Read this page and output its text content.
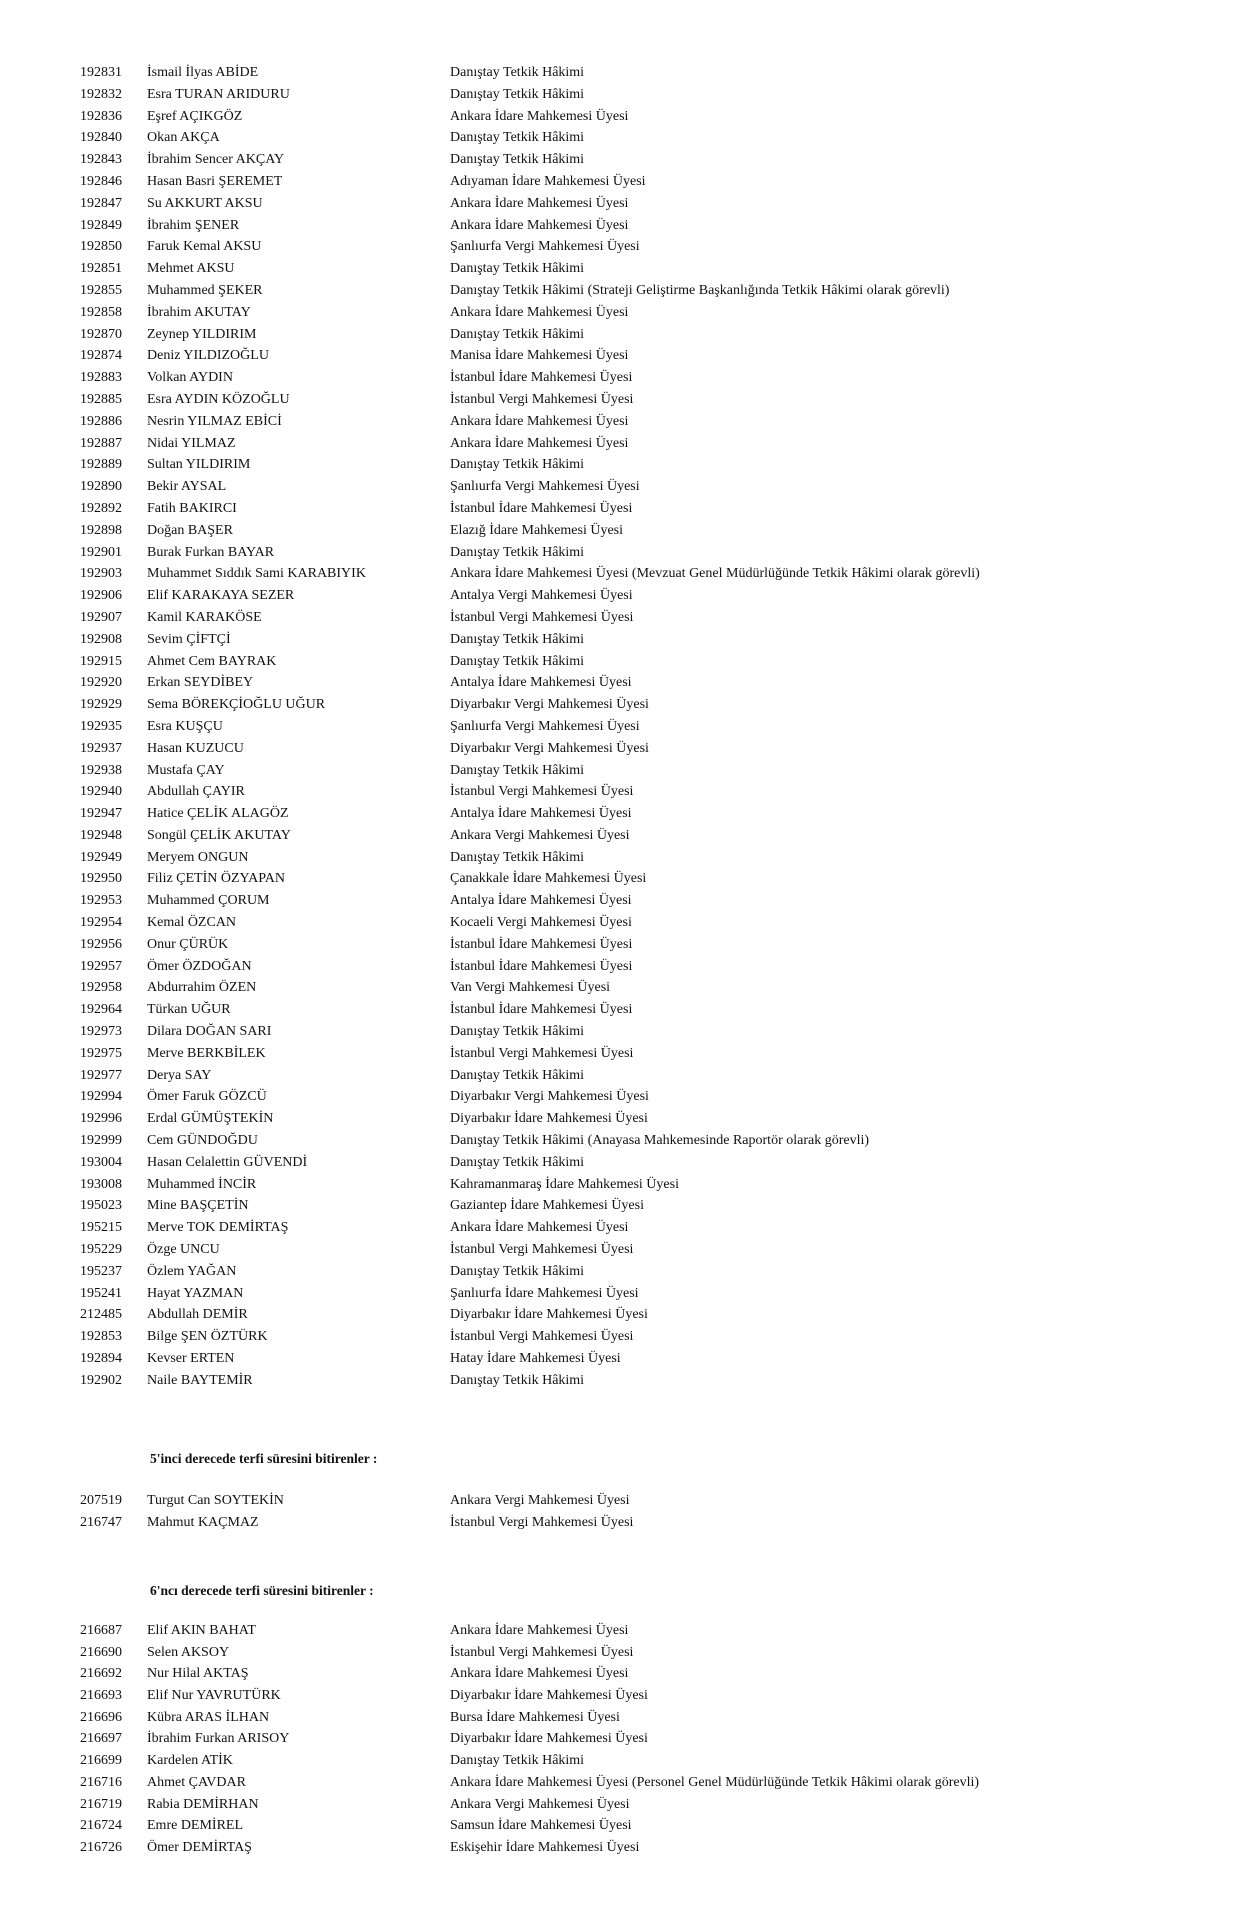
192831	İsmail İlyas ABİDE	Danıştay Tetkik Hâkimi
192832	Esra TURAN ARIDURU	Danıştay Tetkik Hâkimi
192836	Eşref AÇIKGÖZ	Ankara İdare Mahkemesi Üyesi
192840	Okan AKÇA	Danıştay Tetkik Hâkimi
192843	İbrahim Sencer AKÇAY	Danıştay Tetkik Hâkimi
192846	Hasan Basri ŞEREMET	Adıyaman İdare Mahkemesi Üyesi
192847	Su AKKURT AKSU	Ankara İdare Mahkemesi Üyesi
192849	İbrahim ŞENER	Ankara İdare Mahkemesi Üyesi
192850	Faruk Kemal AKSU	Şanlıurfa Vergi Mahkemesi Üyesi
192851	Mehmet AKSU	Danıştay Tetkik Hâkimi
192855	Muhammed ŞEKER	Danıştay Tetkik Hâkimi (Strateji Geliştirme Başkanlığında Tetkik Hâkimi olarak görevli)
192858	İbrahim AKUTAY	Ankara İdare Mahkemesi Üyesi
192870	Zeynep YILDIRIM	Danıştay Tetkik Hâkimi
192874	Deniz YILDIZOĞLU	Manisa İdare Mahkemesi Üyesi
192883	Volkan AYDIN	İstanbul İdare Mahkemesi Üyesi
192885	Esra AYDIN KÖZOĞLU	İstanbul Vergi Mahkemesi Üyesi
192886	Nesrin YILMAZ EBİCİ	Ankara İdare Mahkemesi Üyesi
192887	Nidai YILMAZ	Ankara İdare Mahkemesi Üyesi
192889	Sultan YILDIRIM	Danıştay Tetkik Hâkimi
192890	Bekir AYSAL	Şanlıurfa Vergi Mahkemesi Üyesi
192892	Fatih BAKIRCI	İstanbul İdare Mahkemesi Üyesi
192898	Doğan BAŞER	Elazığ İdare Mahkemesi Üyesi
192901	Burak Furkan BAYAR	Danıştay Tetkik Hâkimi
192903	Muhammet Sıddık Sami KARABIYIK	Ankara İdare Mahkemesi Üyesi (Mevzuat Genel Müdürlüğünde Tetkik Hâkimi olarak görevli)
192906	Elif KARAKAYA SEZER	Antalya Vergi Mahkemesi Üyesi
192907	Kamil KARAKÖSE	İstanbul Vergi Mahkemesi Üyesi
192908	Sevim ÇİFTÇİ	Danıştay Tetkik Hâkimi
192915	Ahmet Cem BAYRAK	Danıştay Tetkik Hâkimi
192920	Erkan SEYDİBEY	Antalya İdare Mahkemesi Üyesi
192929	Sema BÖREKÇİOĞLU UĞUR	Diyarbakır Vergi Mahkemesi Üyesi
192935	Esra KUŞÇU	Şanlıurfa Vergi Mahkemesi Üyesi
192937	Hasan KUZUCU	Diyarbakır Vergi Mahkemesi Üyesi
192938	Mustafa ÇAY	Danıştay Tetkik Hâkimi
192940	Abdullah ÇAYIR	İstanbul Vergi Mahkemesi Üyesi
192947	Hatice ÇELİK ALAGÖZ	Antalya İdare Mahkemesi Üyesi
192948	Songül ÇELİK AKUTAY	Ankara Vergi Mahkemesi Üyesi
192949	Meryem ONGUN	Danıştay Tetkik Hâkimi
192950	Filiz ÇETİN ÖZYAPAN	Çanakkale İdare Mahkemesi Üyesi
192953	Muhammed ÇORUM	Antalya İdare Mahkemesi Üyesi
192954	Kemal ÖZCAN	Kocaeli Vergi Mahkemesi Üyesi
192956	Onur ÇÜRÜK	İstanbul İdare Mahkemesi Üyesi
192957	Ömer ÖZDOĞAN	İstanbul İdare Mahkemesi Üyesi
192958	Abdurrahim ÖZEN	Van Vergi Mahkemesi Üyesi
192964	Türkan UĞUR	İstanbul İdare Mahkemesi Üyesi
192973	Dilara DOĞAN SARI	Danıştay Tetkik Hâkimi
192975	Merve BERKBİLEK	İstanbul Vergi Mahkemesi Üyesi
192977	Derya SAY	Danıştay Tetkik Hâkimi
192994	Ömer Faruk GÖZCÜ	Diyarbakır Vergi Mahkemesi Üyesi
192996	Erdal GÜMÜŞTEKİN	Diyarbakır İdare Mahkemesi Üyesi
192999	Cem GÜNDOĞDU	Danıştay Tetkik Hâkimi (Anayasa Mahkemesinde Raportör olarak görevli)
193004	Hasan Celalettin GÜVENDİ	Danıştay Tetkik Hâkimi
193008	Muhammed İNCİR	Kahramanmaraş İdare Mahkemesi Üyesi
195023	Mine BAŞÇETİN	Gaziantep İdare Mahkemesi Üyesi
195215	Merve TOK DEMİRTAŞ	Ankara İdare Mahkemesi Üyesi
195229	Özge UNCU	İstanbul Vergi Mahkemesi Üyesi
195237	Özlem YAĞAN	Danıştay Tetkik Hâkimi
195241	Hayat YAZMAN	Şanlıurfa İdare Mahkemesi Üyesi
212485	Abdullah DEMİR	Diyarbakır İdare Mahkemesi Üyesi
192853	Bilge ŞEN ÖZTÜRK	İstanbul Vergi Mahkemesi Üyesi
192894	Kevser ERTEN	Hatay İdare Mahkemesi Üyesi
192902	Naile BAYTEMİR	Danıştay Tetkik Hâkimi
5'inci derecede terfi süresini bitirenler :
207519	Turgut Can SOYTEKİN	Ankara Vergi Mahkemesi Üyesi
216747	Mahmut KAÇMAZ	İstanbul Vergi Mahkemesi Üyesi
6'ncı derecede terfi süresini bitirenler :
216687	Elif AKIN BAHAT	Ankara İdare Mahkemesi Üyesi
216690	Selen AKSOY	İstanbul Vergi Mahkemesi Üyesi
216692	Nur Hilal AKTAŞ	Ankara İdare Mahkemesi Üyesi
216693	Elif Nur YAVRUTÜRK	Diyarbakır İdare Mahkemesi Üyesi
216696	Kübra ARAS İLHAN	Bursa İdare Mahkemesi Üyesi
216697	İbrahim Furkan ARISOY	Diyarbakır İdare Mahkemesi Üyesi
216699	Kardelen ATİK	Danıştay Tetkik Hâkimi
216716	Ahmet ÇAVDAR	Ankara İdare Mahkemesi Üyesi (Personel Genel Müdürlüğünde Tetkik Hâkimi olarak görevli)
216719	Rabia DEMİRHAN	Ankara Vergi Mahkemesi Üyesi
216724	Emre DEMİREL	Samsun İdare Mahkemesi Üyesi
216726	Ömer DEMİRTAŞ	Eskişehir İdare Mahkemesi Üyesi
